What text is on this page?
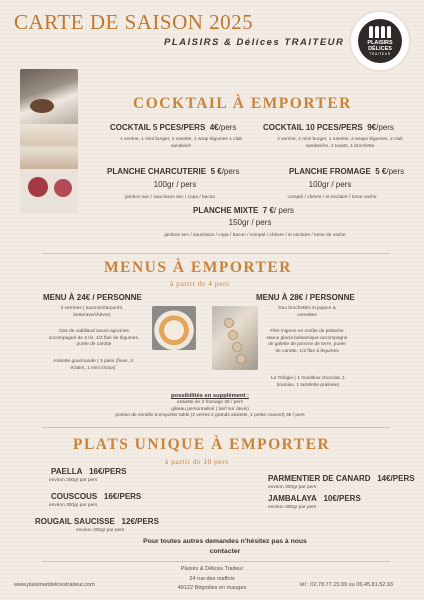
CARTE DE SAISON 2025
PLAISIRS & Délices TRAITEUR	PLAISIRS DÉLICES
TRAITEUR
COCKTAIL À EMPORTER
COCKTAIL 5 PCES/PERS 4€/pers
1 verrine, 1 mini burger, 1 navette, 1 wrap légumes 1 club sandwich
COCKTAIL 10 PCES/PERS 9€/pers
2 verrine, 1 mini burger, 1 navette, 2 wraps légumes, 2 club sandwiche, 2 toasts, 1 brochette
PLANCHE CHARCUTERIE 5 €/pers
100gr / pers
jambon sec / saucisson sec / copa / bacon
PLANCHE FROMAGE 5 €/pers
100gr / pers
compté / chèvre / st nectaire / tome vache
PLANCHE MIXTE 7 €/ pers
150gr / pers
jambon sec / saucisson / copa / bacon / compté / chèvre / st nectaire / tome de vache
MENUS À EMPORTER
à partir de 4 pers
MENU À 24€ / PERSONNE
3 verrines ( saumon/tarpurée, betterave/chèvre)
Dos de cabillaud sauce agrumes accompagné de 3 riz, 1/2 flan de légumes, purée de carotte
Assiette gourmande ( 3 pairs (fines, 3 éclairs, 1 mini choux)
MENU À 28€ / PERSONNE
Duo brochettes st jaques & crevettes
Filet mignon en croûte de pistache sauce glacis balsamique accompagné de galette de pomme de terre, purée de carotte, 1/2 flan à légumes
La Trilogie ( 1 moelleux chocolat, 1 tiramisu, 1 tartelette pralinée)
possibilités en supplément :
assiette de 3 fromage 3€ / pers
gâteau personnalisé ( tarif sur devis)
portion de zéraille à emporter table (2 verres 2 grands assiette, 1 petite couvert) 3€ / pers
PLATS UNIQUE À EMPORTER
à partir de 10 pers
PAELLA 16€/PERS
environ 300gr par pers
COUSCOUS 16€/PERS
environ 300gr par pers
ROUGAIL SAUCISSE 12€/PERS
environ 300gr par pers
PARMENTIER DE CANARD 14€/PERS
environ 300gr par pers
JAMBALAYA 10€/PERS
environ 300gr par pers
Pour toutes autres demandes n'hésitez pas à nous contacter
www.plaisirsetdelicestraiteur.com
Plaisirs & Délices Traiteur
24 rue des maffois
49122 Bégrolles en mauges	tél : 02.78.77.15.09 ou 06.45.81.52.93
